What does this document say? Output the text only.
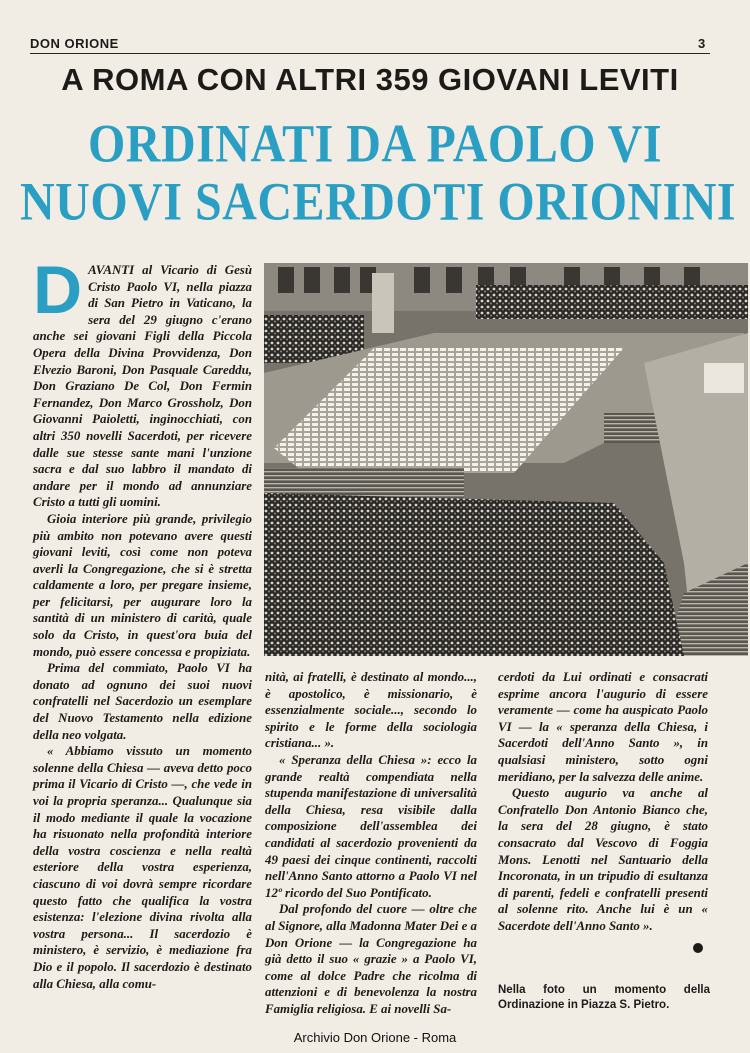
DON ORIONE	3
A ROMA CON ALTRI 359 GIOVANI LEVITI
ORDINATI DA PAOLO VI
NUOVI SACERDOTI ORIONINI
D AVANTI al Vicario di Gesù Cristo Paolo VI, nella piazza di San Pietro in Vaticano, la sera del 29 giugno c'erano anche sei giovani Figli della Piccola Opera della Divina Provvidenza, Don Elvezio Baroni, Don Pasquale Careddu, Don Graziano De Col, Don Fermin Fernandez, Don Marco Grossholz, Don Giovanni Paioletti, inginocchiati, con altri 350 novelli Sacerdoti, per ricevere dalle sue stesse sante mani l'unzione sacra e dal suo labbro il mandato di andare per il mondo ad annunziare Cristo a tutti gli uomini.

Gioia interiore più grande, privilegio più ambito non potevano avere questi giovani leviti, così come non poteva averli la Congregazione, che si è stretta caldamente a loro, per pregare insieme, per felicitarsi, per augurare loro la santità di un ministero di carità, quale solo da Cristo, in quest'ora buia del mondo, può essere concessa e propiziata.

Prima del commiato, Paolo VI ha donato ad ognuno dei suoi nuovi confratelli nel Sacerdozio un esemplare del Nuovo Testamento nella edizione della neo volgata.

« Abbiamo vissuto un momento solenne della Chiesa — aveva detto poco prima il Vicario di Cristo —, che vede in voi la propria speranza... Qualunque sia il modo mediante il quale la vocazione ha risuonato nella profondità interiore della vostra coscienza e nella realtà esteriore della vostra esperienza, ciascuno di voi dovrà sempre ricordare questo fatto che qualifica la vostra esistenza: l'elezione divina rivolta alla vostra persona... Il sacerdozio è ministero, è servizio, è mediazione fra Dio e il popolo. Il sacerdozio è destinato alla Chiesa, alla comu-

nità, ai fratelli, è destinato al mondo..., è apostolico, è missionario, è essenzialmente sociale..., secondo lo spirito e le forme della sociologia cristiana... ».

« Speranza della Chiesa »: ecco la grande realtà compendiata nella stupenda manifestazione di universalità della Chiesa, resa visibile dalla composizione dell'assemblea dei candidati al sacerdozio provenienti da 49 paesi dei cinque continenti, raccolti nell'Anno Santo attorno a Paolo VI nel 12º ricordo del Suo Pontificato.

Dal profondo del cuore — oltre che al Signore, alla Madonna Mater Dei e a Don Orione — la Congregazione ha già detto il suo « grazie » a Paolo VI, come al dolce Padre che ricolma di attenzioni e di benevolenza la nostra Famiglia religiosa. E ai novelli Sa-

cerdoti da Lui ordinati e consacrati esprime ancora l'augurio di essere veramente — come ha auspicato Paolo VI — la « speranza della Chiesa, i Sacerdoti dell'Anno Santo », in qualsiasi ministero, sotto ogni meridiano, per la salvezza delle anime.

Questo augurio va anche al Confratello Don Antonio Bianco che, la sera del 28 giugno, è stato consacrato dal Vescovo di Foggia Mons. Lenotti nel Santuario della Incoronata, in un tripudio di esultanza di parenti, fedeli e confratelli presenti al solenne rito. Anche lui è un « Sacerdote dell'Anno Santo ».

Nella foto un momento della Ordinazione in Piazza S. Pietro.
Archivio Don Orione - Roma
